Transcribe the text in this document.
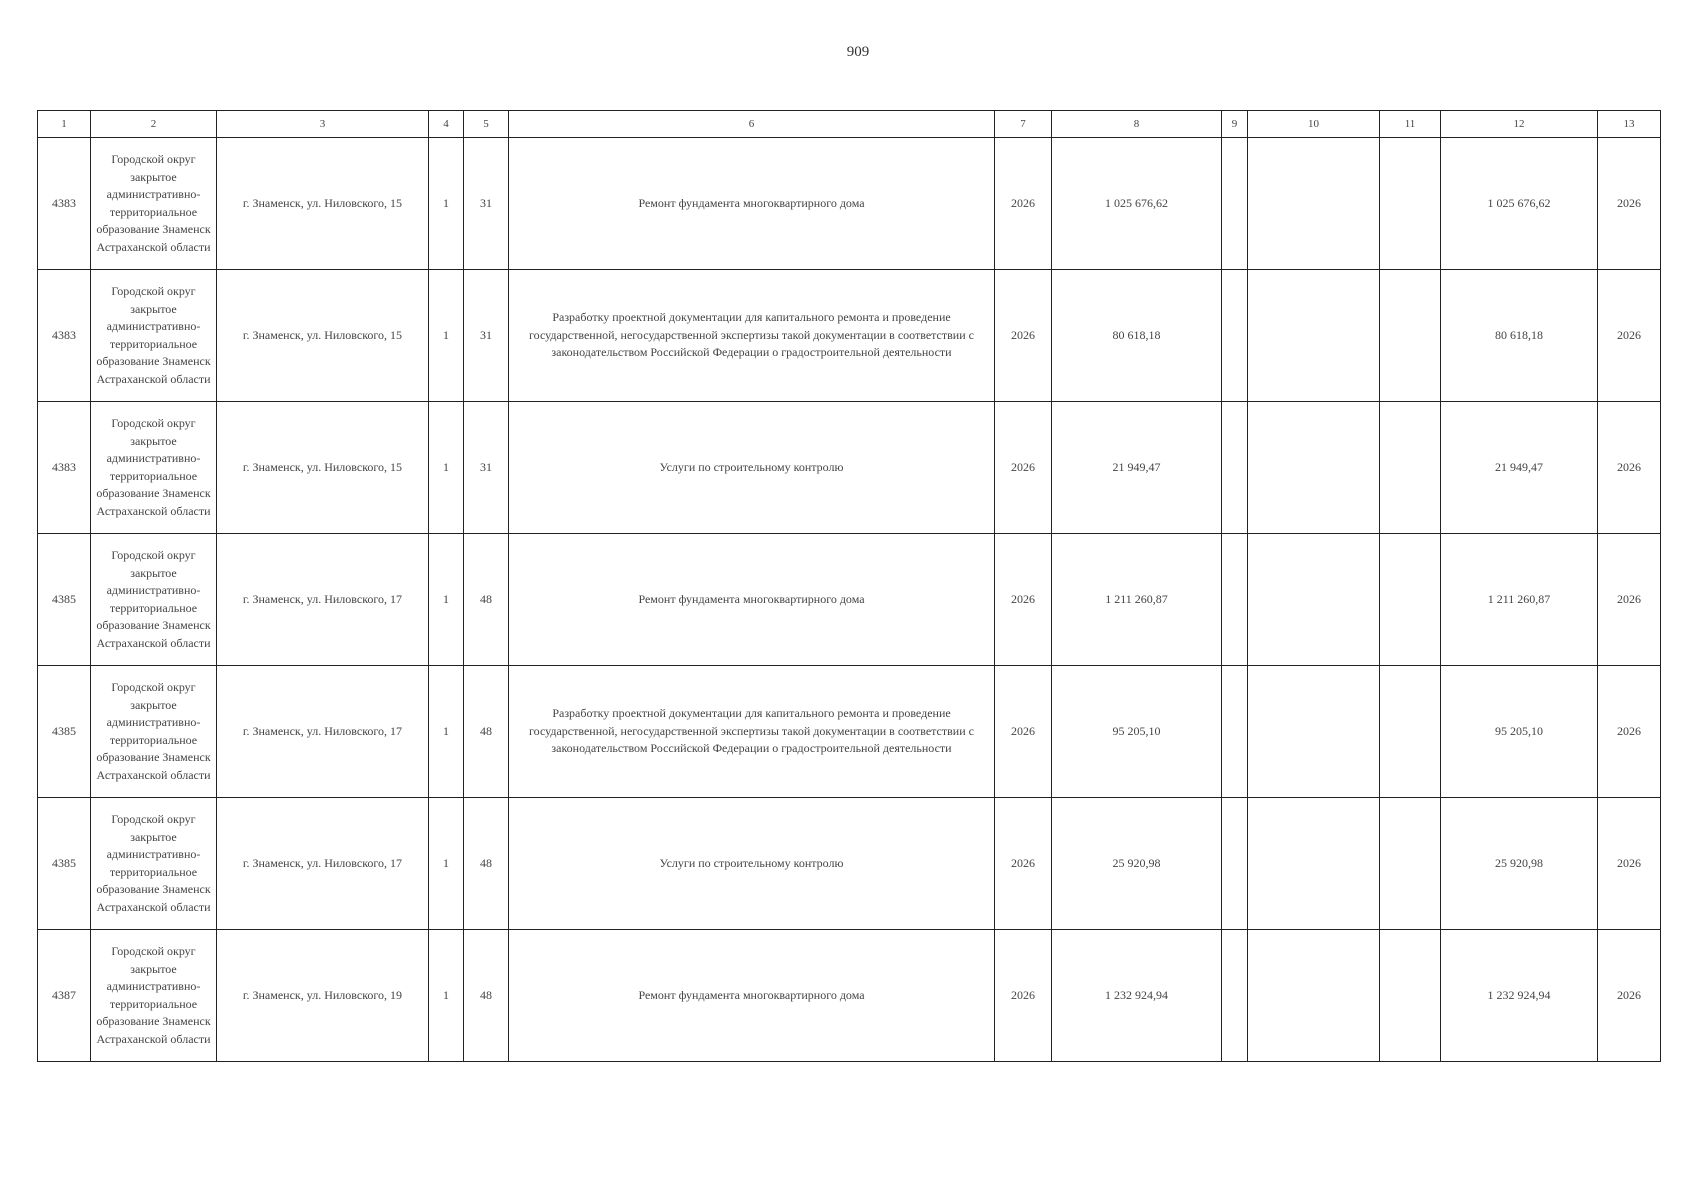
909
1	2	3	4	5	6	7	8	9	10	11	12	13
4383	Городской округ закрытое административно-территориальное образование Знаменск Астраханской области	г. Знаменск, ул. Ниловского, 15	1	31	Ремонт фундамента многоквартирного дома	2026	1 025 676,62				1 025 676,62	2026
4383	Городской округ закрытое административно-территориальное образование Знаменск Астраханской области	г. Знаменск, ул. Ниловского, 15	1	31	Разработку проектной документации для капитального ремонта и проведение государственной, негосударственной экспертизы такой документации в соответствии с законодательством Российской Федерации о градостроительной деятельности	2026	80 618,18				80 618,18	2026
4383	Городской округ закрытое административно-территориальное образование Знаменск Астраханской области	г. Знаменск, ул. Ниловского, 15	1	31	Услуги по строительному контролю	2026	21 949,47				21 949,47	2026
4385	Городской округ закрытое административно-территориальное образование Знаменск Астраханской области	г. Знаменск, ул. Ниловского, 17	1	48	Ремонт фундамента многоквартирного дома	2026	1 211 260,87				1 211 260,87	2026
4385	Городской округ закрытое административно-территориальное образование Знаменск Астраханской области	г. Знаменск, ул. Ниловского, 17	1	48	Разработку проектной документации для капитального ремонта и проведение государственной, негосударственной экспертизы такой документации в соответствии с законодательством Российской Федерации о градостроительной деятельности	2026	95 205,10				95 205,10	2026
4385	Городской округ закрытое административно-территориальное образование Знаменск Астраханской области	г. Знаменск, ул. Ниловского, 17	1	48	Услуги по строительному контролю	2026	25 920,98				25 920,98	2026
4387	Городской округ закрытое административно-территориальное образование Знаменск Астраханской области	г. Знаменск, ул. Ниловского, 19	1	48	Ремонт фундамента многоквартирного дома	2026	1 232 924,94				1 232 924,94	2026
